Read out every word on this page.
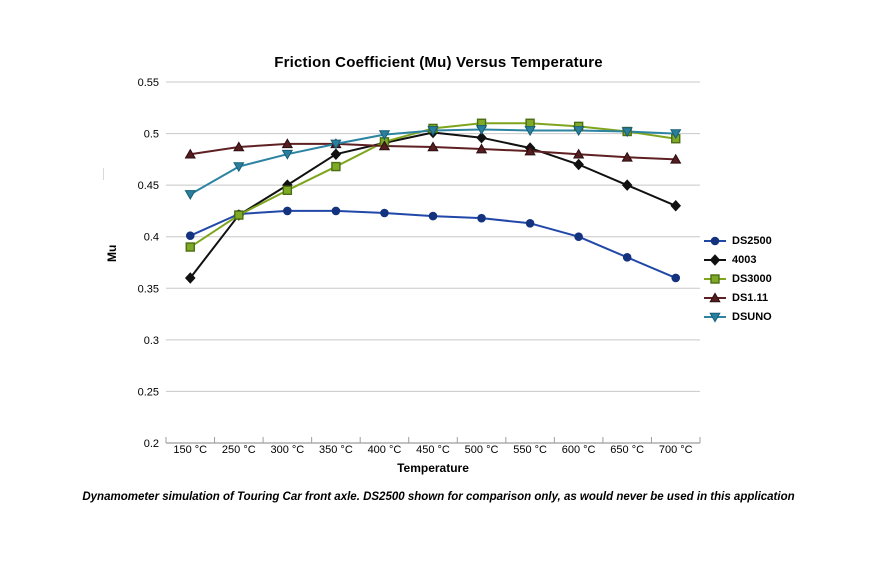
Friction Coefficient (Mu) Versus Temperature
Mu
0.2
0.25
0.3
0.35
0.4
0.45
0.5
0.55
150 °C 250 °C 300 °C 350 °C 400 °C 450 °C 500 °C 550 °C 600 °C 650 °C 700 °C
Temperature
DS2500
4003
DS3000
DS1.11
DSUNO
Dynamometer simulation of Touring Car front axle. DS2500 shown for comparison only, as would never be used in this application
